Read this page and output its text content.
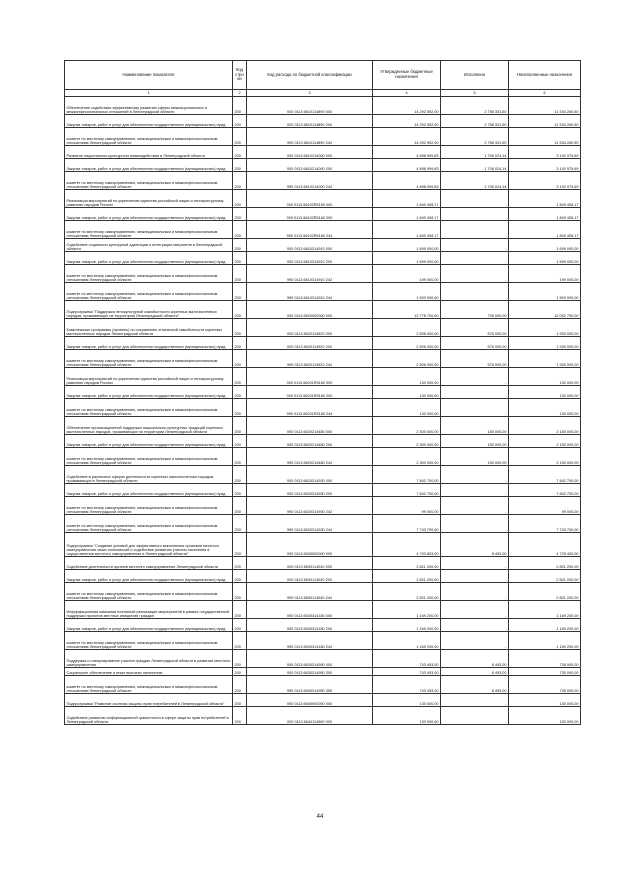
Наименование показателя	Код стро ки	Код расхода по бюджетной классификации	Утвержденные бюджетные назначения	Исполнено	Неисполненные назначения
1	2	3	4	5	6
Обеспечение содействия эффективному развитию сферы межнациональных и межконфессиональных отношений в Ленинградской области	200	000 0113 6610114890 000	14 292 592,00	2 758 331,50	11 534 260,50
Закупка товаров, работ и услуг для обеспечения государственных (муниципальных) нужд	200	000 0113 6610114890 200	14 292 592,00	2 758 331,50	11 534 260,50
комитет по местному самоуправлению, межнациональным и межконфессиональным отношениям Ленинградской области	200	990 0113 6610114890 244	14 292 592,00	2 758 331,50	11 534 260,50
Развитие национально-культурного взаимодействия в Ленинградской области	200	000 0113 6610214000 000	4 898 999,83	1 706 024,14	3 192 975,69
Закупка товаров, работ и услуг для обеспечения государственных (муниципальных) нужд	200	000 0113 6610214000 200	4 898 999,83	1 706 024,14	3 192 975,69
комитет по местному самоуправлению, межнациональным и межконфессиональным отношениям Ленинградской области	200	990 0113 6610214000 244	4 898 999,83	1 706 024,14	3 192 975,69
Реализация мероприятий по укреплению единства российской нации и этнокультурному развитию народов России	200	000 0113 66102R5160 000	1 840 408,17	-	1 840 408,17
Закупка товаров, работ и услуг для обеспечения государственных (муниципальных) нужд	200	000 0113 66102R5160 200	1 840 408,17	-	1 840 408,17
комитет по местному самоуправлению, межнациональным и межконфессиональным отношениям Ленинградской области	200	990 0113 66102R5160 244	1 840 408,17	-	1 840 408,17
Содействие социально-культурной адаптации и интеграции мигрантов в Ленинградской области	200	000 0113 6610314910 000	1 699 000,00	-	1 699 000,00
Закупка товаров, работ и услуг для обеспечения государственных (муниципальных) нужд	200	000 0113 6610314910 200	1 699 000,00	-	1 699 000,00
комитет по местному самоуправлению, межнациональным и межконфессиональным отношениям Ленинградской области	200	990 0113 6610314910 242	199 000,00	-	199 000,00
комитет по местному самоуправлению, межнациональным и межконфессиональным отношениям Ленинградской области	200	990 0113 6610314910 244	1 500 000,00	-	1 500 000,00
Подпрограмма "Поддержка этнокультурной самобытности коренных малочисленных народов, проживающих на территории Ленинградской области"	200	000 0113 6620000000 000	12 778 700,00	726 000,00	12 052 700,00
Комплексные программы (проекты) по сохранению этнической самобытности коренных малочисленных народов Ленинградской области	200	000 0113 6620114920 000	2 506 000,00	576 000,00	1 930 000,00
Закупка товаров, работ и услуг для обеспечения государственных (муниципальных) нужд	200	000 0113 6620114920 200	2 506 000,00	576 000,00	1 930 000,00
комитет по местному самоуправлению, межнациональным и межконфессиональным отношениям Ленинградской области	200	990 0113 6620114920 244	2 506 000,00	576 000,00	1 930 000,00
Реализация мероприятий по укреплению единства российской нации и этнокультурному развитию народов России	200	000 0113 66201R5160 000	130 000,00	-	130 000,00
Закупка товаров, работ и услуг для обеспечения государственных (муниципальных) нужд	200	000 0113 66201R5160 200	130 000,00	-	130 000,00
комитет по местному самоуправлению, межнациональным и межконфессиональным отношениям Ленинградской области	200	990 0113 66201R5160 244	130 000,00	-	130 000,00
Обеспечение организационной поддержки национально-культурных традиций коренных малочисленных народов, проживающих на территории Ленинградской области	200	000 0113 6620214480 000	2 300 000,00	150 000,00	2 150 000,00
Закупка товаров, работ и услуг для обеспечения государственных (муниципальных) нужд	200	000 0113 6620214480 200	2 300 000,00	150 000,00	2 150 000,00
комитет по местному самоуправлению, межнациональным и межконфессиональным отношениям Ленинградской области	200	990 0113 6620214480 244	2 300 000,00	150 000,00	2 150 000,00
Содействие в различных сферах деятельности коренных малочисленных народов, проживающих в Ленинградской области	200	000 0113 6620314930 000	7 842 700,00	-	7 842 700,00
Закупка товаров, работ и услуг для обеспечения государственных (муниципальных) нужд	200	000 0113 6620314930 200	7 842 700,00	-	7 842 700,00
комитет по местному самоуправлению, межнациональным и межконфессиональным отношениям Ленинградской области	200	990 0113 6620314930 242	99 000,00	-	99 000,00
комитет по местному самоуправлению, межнациональным и межконфессиональным отношениям Ленинградской области	200	990 0113 6620314930 244	7 743 700,00	-	7 743 700,00
Подпрограмма "Создание условий для эффективного выполнения органами местного самоуправления своих полномочий и содействие развитию участия населения в осуществлении местного самоуправления в Ленинградской области"	200	000 0113 6630000000 000	4 733 893,00	8 493,00	4 725 400,00
Содействие деятельности органов местного самоуправления Ленинградской области	200	000 0113 6630114040 000	2 821 200,00	-	2 821 200,00
Закупка товаров, работ и услуг для обеспечения государственных (муниципальных) нужд	200	000 0113 6630114040 200	2 821 200,00	-	2 821 200,00
комитет по местному самоуправлению, межнациональным и межконфессиональным отношениям Ленинградской области	200	990 0113 6630114040 244	2 821 200,00	-	2 821 200,00
Информационная кампания поэтапной реализации мероприятий в рамках государственной поддержки проектов местных инициатив граждан	200	000 0113 6630314180 000	1 169 200,00	-	1 169 200,00
Закупка товаров, работ и услуг для обеспечения государственных (муниципальных) нужд	200	000 0113 6630314180 200	1 169 200,00	-	1 169 200,00
комитет по местному самоуправлению, межнациональным и межконфессиональным отношениям Ленинградской области	200	990 0113 6630314180 244	1 169 200,00	-	1 169 200,00
Поддержка и стимулирование участия граждан Ленинградской области в развитии местного самоуправления	200	000 0113 6630314950 000	743 493,00	8 493,00	735 000,00
Социальное обеспечение и иные выплаты населению	200	000 0113 6630314950 300	743 493,00	8 493,00	735 000,00
комитет по местному самоуправлению, межнациональным и межконфессиональным отношениям Ленинградской области	200	990 0113 6630314950 350	743 493,00	8 493,00	735 000,00
Подпрограмма "Развитие системы защиты прав потребителей в Ленинградской области"	200	000 0113 6640000000 000	130 000,00	-	130 000,00
Содействие развитию информационной грамотности в сфере защиты прав потребителей в Ленинградской области	200	000 0113 6640114960 000	130 000,00	-	130 000,00
44
